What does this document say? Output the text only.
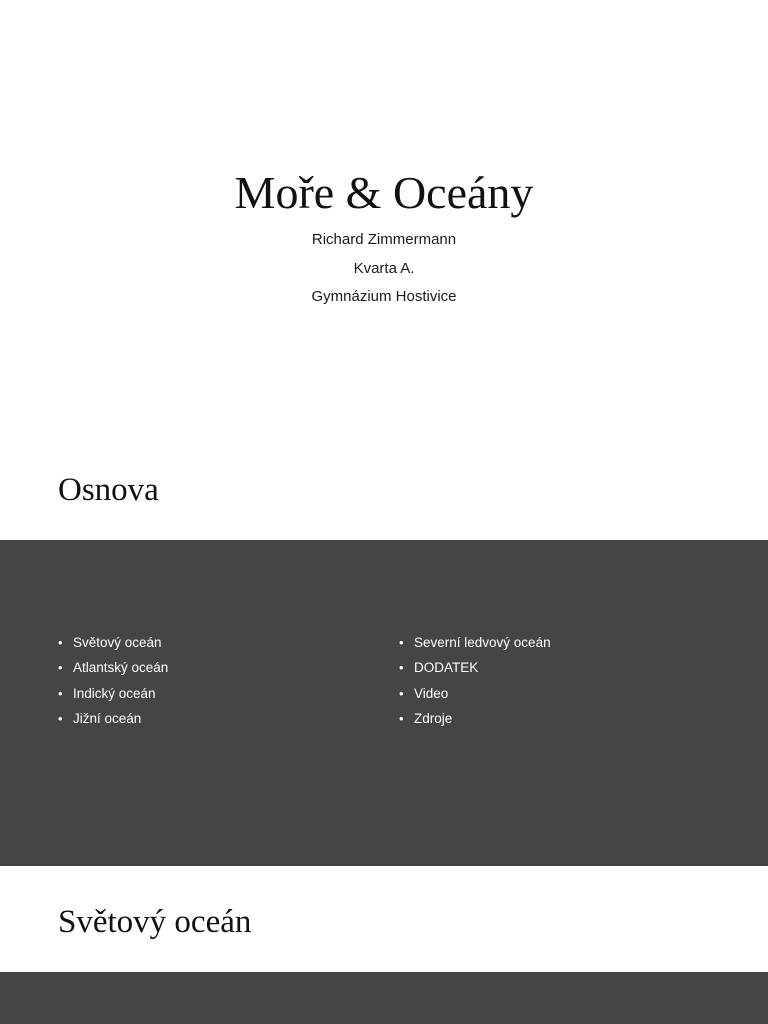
Moře & Oceány
Richard Zimmermann
Kvarta A.
Gymnázium Hostivice
Osnova
• Světový oceán
• Atlantský oceán
• Indický oceán
• Jižní oceán
• Severní ledvový oceán
• DODATEK
• Video
• Zdroje
Světový oceán
